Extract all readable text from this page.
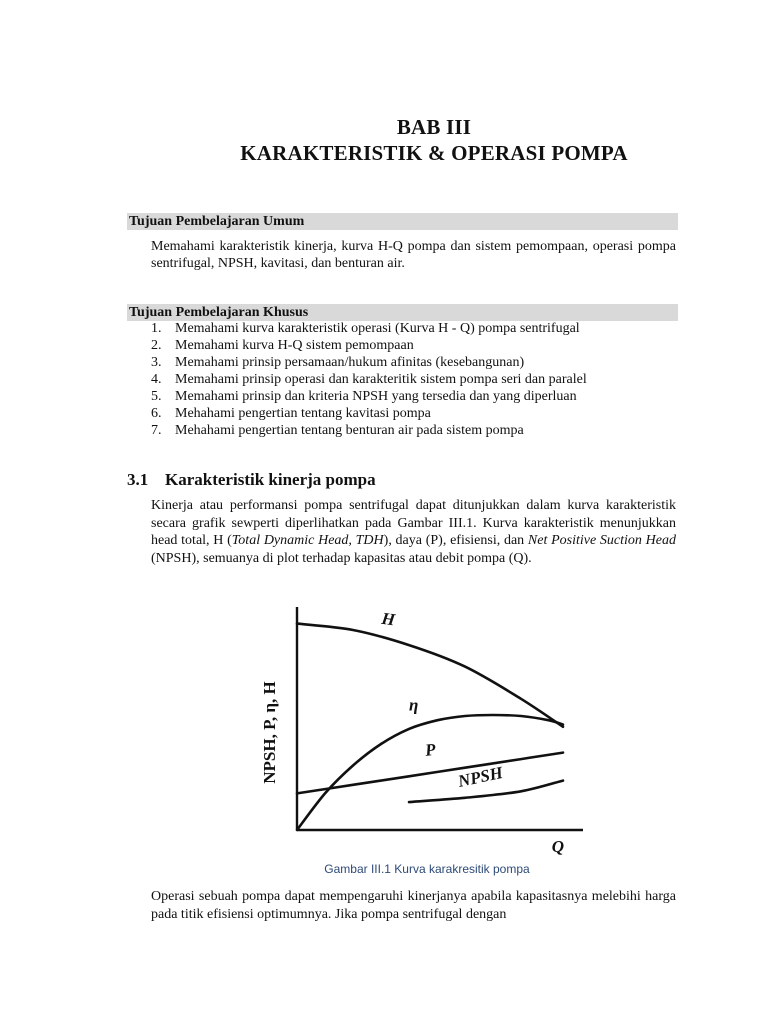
BAB III
KARAKTERISTIK & OPERASI POMPA
Tujuan Pembelajaran Umum
Memahami karakteristik kinerja, kurva H-Q pompa dan sistem pemompaan, operasi pompa sentrifugal, NPSH, kavitasi, dan benturan air.
Tujuan Pembelajaran Khusus
1. Memahami kurva karakteristik operasi (Kurva H - Q) pompa sentrifugal
2. Memahami kurva H-Q sistem pemompaan
3. Memahami prinsip persamaan/hukum afinitas (kesebangunan)
4. Memahami prinsip operasi dan karakteritik sistem pompa seri dan paralel
5. Memahami prinsip dan kriteria NPSH yang tersedia dan yang diperluan
6. Mehahami pengertian tentang kavitasi pompa
7. Mehahami pengertian tentang benturan air pada sistem pompa
3.1 Karakteristik kinerja pompa
Kinerja atau performansi pompa sentrifugal dapat ditunjukkan dalam kurva karakteristik secara grafik sewperti diperlihatkan pada Gambar III.1. Kurva karakteristik menunjukkan head total, H (Total Dynamic Head, TDH), daya (P), efisiensi, dan Net Positive Suction Head (NPSH), semuanya di plot terhadap kapasitas atau debit pompa (Q).
H
η
P
NPSH
Q
NPSH, P, η, H
Gambar III.1 Kurva karakresitik pompa
Operasi sebuah pompa dapat mempengaruhi kinerjanya apabila kapasitasnya melebihi harga pada titik efisiensi optimumnya. Jika pompa sentrifugal dengan
